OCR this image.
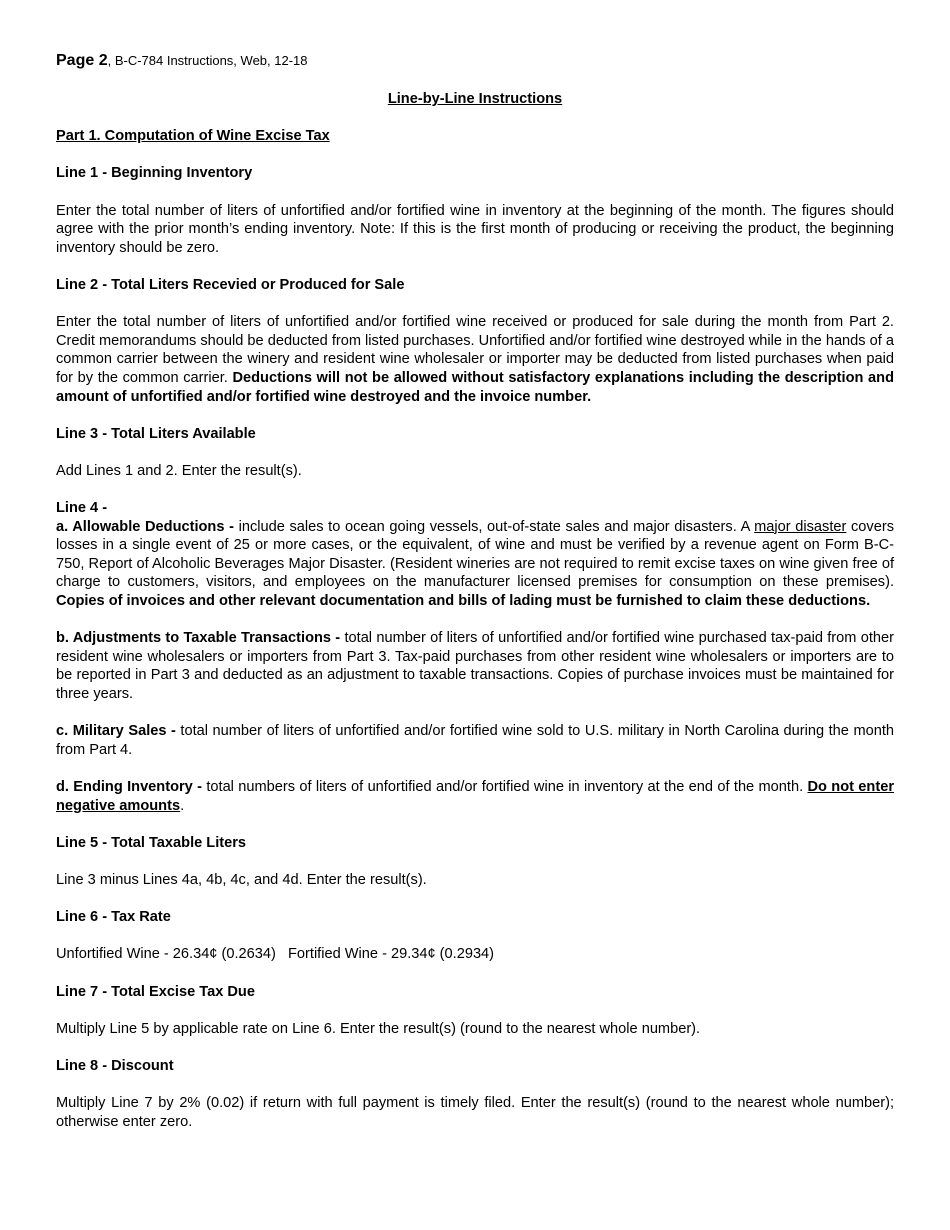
Page 2, B-C-784 Instructions, Web, 12-18
Line-by-Line Instructions
Part 1. Computation of Wine Excise Tax
Line 1 - Beginning Inventory

Enter the total number of liters of unfortified and/or fortified wine in inventory at the beginning of the month. The figures should agree with the prior month’s ending inventory. Note: If this is the first month of producing or receiving the product, the beginning inventory should be zero.

Line 2 - Total Liters Recevied or Produced for Sale

Enter the total number of liters of unfortified and/or fortified wine received or produced for sale during the month from Part 2. Credit memorandums should be deducted from listed purchases. Unfortified and/or fortified wine destroyed while in the hands of a common carrier between the winery and resident wine wholesaler or importer may be deducted from listed purchases when paid for by the common carrier. Deductions will not be allowed without satisfactory explanations including the description and amount of unfortified and/or fortified wine destroyed and the invoice number.

Line 3 - Total Liters Available

Add Lines 1 and 2. Enter the result(s).

Line 4 -

a. Allowable Deductions - include sales to ocean going vessels, out-of-state sales and major disasters. A major disaster covers losses in a single event of 25 or more cases, or the equivalent, of wine and must be verified by a revenue agent on Form B-C-750, Report of Alcoholic Beverages Major Disaster. (Resident wineries are not required to remit excise taxes on wine given free of charge to customers, visitors, and employees on the manufacturer licensed premises for consumption on these premises). Copies of invoices and other relevant documentation and bills of lading must be furnished to claim these deductions.

b. Adjustments to Taxable Transactions - total number of liters of unfortified and/or fortified wine purchased tax-paid from other resident wine wholesalers or importers from Part 3. Tax-paid purchases from other resident wine wholesalers or importers are to be reported in Part 3 and deducted as an adjustment to taxable transactions. Copies of purchase invoices must be maintained for three years.

c. Military Sales - total number of liters of unfortified and/or fortified wine sold to U.S. military in North Carolina during the month from Part 4.

d. Ending Inventory - total numbers of liters of unfortified and/or fortified wine in inventory at the end of the month. Do not enter negative amounts.

Line 5 - Total Taxable Liters

Line 3 minus Lines 4a, 4b, 4c, and 4d. Enter the result(s).

Line 6 - Tax Rate

Unfortified Wine - 26.34¢ (0.2634)   Fortified Wine - 29.34¢ (0.2934)

Line 7 - Total Excise Tax Due

Multiply Line 5 by applicable rate on Line 6. Enter the result(s) (round to the nearest whole number).

Line 8 - Discount

Multiply Line 7 by 2% (0.02) if return with full payment is timely filed. Enter the result(s) (round to the nearest whole number); otherwise enter zero.
